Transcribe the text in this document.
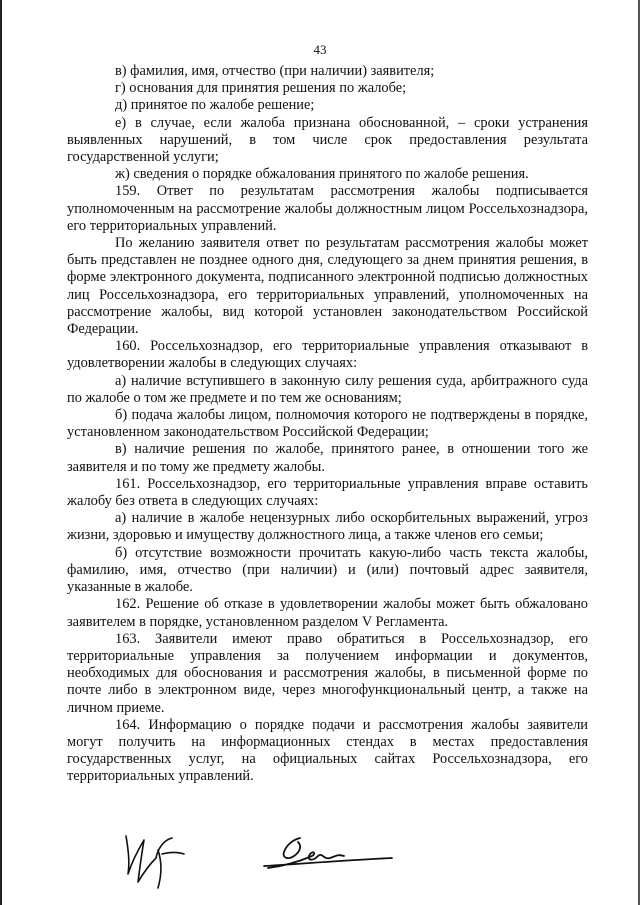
43

в) фамилия, имя, отчество (при наличии) заявителя;

г) основания для принятия решения по жалобе;

д) принятое по жалобе решение;

е) в случае, если жалоба признана обоснованной, – сроки устранения выявленных нарушений, в том числе срок предоставления результата государственной услуги;

ж) сведения о порядке обжалования принятого по жалобе решения.

159. Ответ по результатам рассмотрения жалобы подписывается уполномоченным на рассмотрение жалобы должностным лицом Россельхознадзора, его территориальных управлений.

По желанию заявителя ответ по результатам рассмотрения жалобы может быть представлен не позднее одного дня, следующего за днем принятия решения, в форме электронного документа, подписанного электронной подписью должностных лиц Россельхознадзора, его территориальных управлений, уполномоченных на рассмотрение жалобы, вид которой установлен законодательством Российской Федерации.

160. Россельхознадзор, его территориальные управления отказывают в удовлетворении жалобы в следующих случаях:

а) наличие вступившего в законную силу решения суда, арбитражного суда по жалобе о том же предмете и по тем же основаниям;

б) подача жалобы лицом, полномочия которого не подтверждены в порядке, установленном законодательством Российской Федерации;

в) наличие решения по жалобе, принятого ранее, в отношении того же заявителя и по тому же предмету жалобы.

161. Россельхознадзор, его территориальные управления вправе оставить жалобу без ответа в следующих случаях:

а) наличие в жалобе нецензурных либо оскорбительных выражений, угроз жизни, здоровью и имуществу должностного лица, а также членов его семьи;

б) отсутствие возможности прочитать какую-либо часть текста жалобы, фамилию, имя, отчество (при наличии) и (или) почтовый адрес заявителя, указанные в жалобе.

162. Решение об отказе в удовлетворении жалобы может быть обжаловано заявителем в порядке, установленном разделом V Регламента.

163. Заявители имеют право обратиться в Россельхознадзор, его территориальные управления за получением информации и документов, необходимых для обоснования и рассмотрения жалобы, в письменной форме по почте либо в электронном виде, через многофункциональный центр, а также на личном приеме.

164. Информацию о порядке подачи и рассмотрения жалобы заявители могут получить на информационных стендах в местах предоставления государственных услуг, на официальных сайтах Россельхознадзора, его территориальных управлений.
